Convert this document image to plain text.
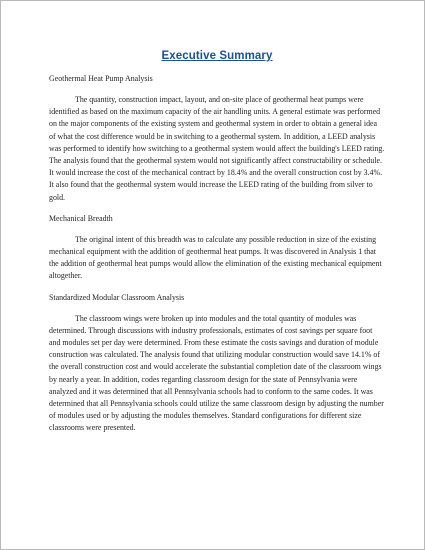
Executive Summary
Geothermal Heat Pump Analysis
The quantity, construction impact, layout, and on-site place of geothermal heat pumps were identified as based on the maximum capacity of the air handling units. A general estimate was performed on the major components of the existing system and geothermal system in order to obtain a general idea of what the cost difference would be in switching to a geothermal system. In addition, a LEED analysis was performed to identify how switching to a geothermal system would affect the building's LEED rating. The analysis found that the geothermal system would not significantly affect constructability or schedule. It would increase the cost of the mechanical contract by 18.4% and the overall construction cost by 3.4%. It also found that the geothermal system would increase the LEED rating of the building from silver to gold.
Mechanical Breadth
The original intent of this breadth was to calculate any possible reduction in size of the existing mechanical equipment with the addition of geothermal heat pumps. It was discovered in Analysis 1 that the addition of geothermal heat pumps would allow the elimination of the existing mechanical equipment altogether.
Standardized Modular Classroom Analysis
The classroom wings were broken up into modules and the total quantity of modules was determined. Through discussions with industry professionals, estimates of cost savings per square foot and modules set per day were determined. From these estimate the costs savings and duration of module construction was calculated. The analysis found that utilizing modular construction would save 14.1% of the overall construction cost and would accelerate the substantial completion date of the classroom wings by nearly a year. In addition, codes regarding classroom design for the state of Pennsylvania were analyzed and it was determined that all Pennsylvania schools had to conform to the same codes. It was determined that all Pennsylvania schools could utilize the same classroom design by adjusting the number of modules used or by adjusting the modules themselves. Standard configurations for different size classrooms were presented.
